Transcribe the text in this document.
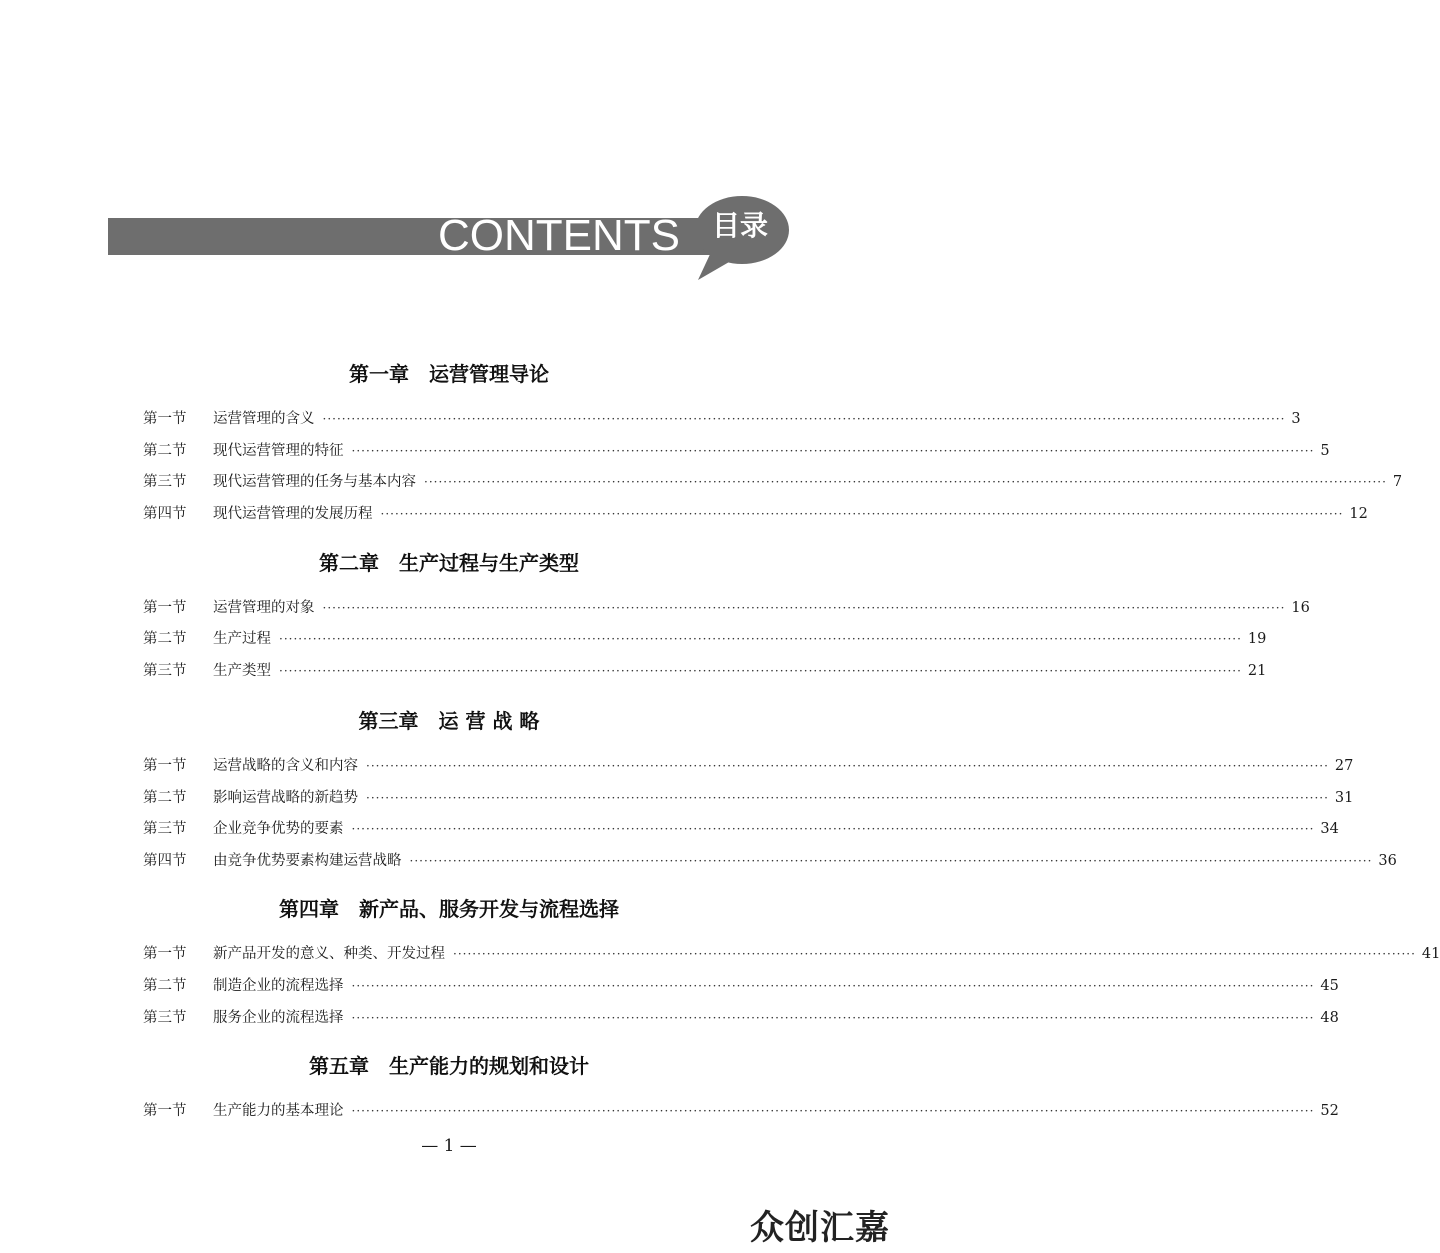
CONTENTS	目录
第一章　运营管理导论
第一节	运营管理的含义 ········································································································································································································ 3
第二节	现代运营管理的特征 ········································································································································································································ 5
第三节	现代运营管理的任务与基本内容 ········································································································································································································ 7
第四节	现代运营管理的发展历程 ········································································································································································································ 12
第二章　生产过程与生产类型
第一节	运营管理的对象 ········································································································································································································ 16
第二节	生产过程 ········································································································································································································ 19
第三节	生产类型 ········································································································································································································ 21
第三章　运 营 战 略
第一节	运营战略的含义和内容 ········································································································································································································ 27
第二节	影响运营战略的新趋势 ········································································································································································································ 31
第三节	企业竞争优势的要素 ········································································································································································································ 34
第四节	由竞争优势要素构建运营战略 ········································································································································································································ 36
第四章　新产品、服务开发与流程选择
第一节	新产品开发的意义、种类、开发过程 ········································································································································································································ 41
第二节	制造企业的流程选择 ········································································································································································································ 45
第三节	服务企业的流程选择 ········································································································································································································ 48
第五章　生产能力的规划和设计
第一节	生产能力的基本理论 ········································································································································································································ 52
— 1 —
众创汇嘉
